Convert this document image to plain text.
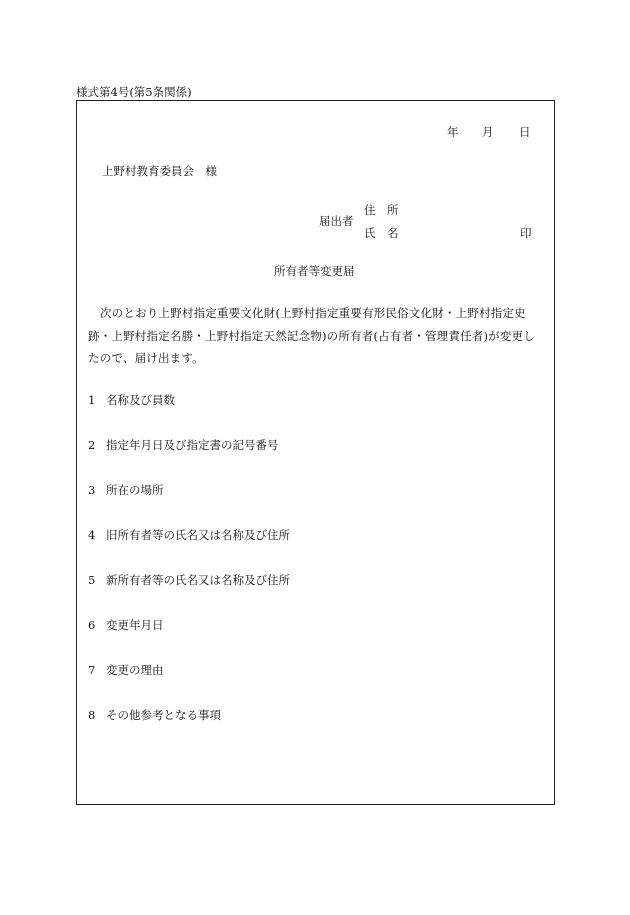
様式第4号(第5条関係)
年 月 日
上野村教育委員会　様
届出者
住　所
氏　名	印
所有者等変更届
次のとおり上野村指定重要文化財(上野村指定重要有形民俗文化財・上野村指定史跡・上野村指定名勝・上野村指定天然記念物)の所有者(占有者・管理責任者)が変更したので、届け出ます。
1 名称及び員数
2 指定年月日及び指定書の記号番号
3 所在の場所
4 旧所有者等の氏名又は名称及び住所
5 新所有者等の氏名又は名称及び住所
6 変更年月日
7 変更の理由
8 その他参考となる事項
